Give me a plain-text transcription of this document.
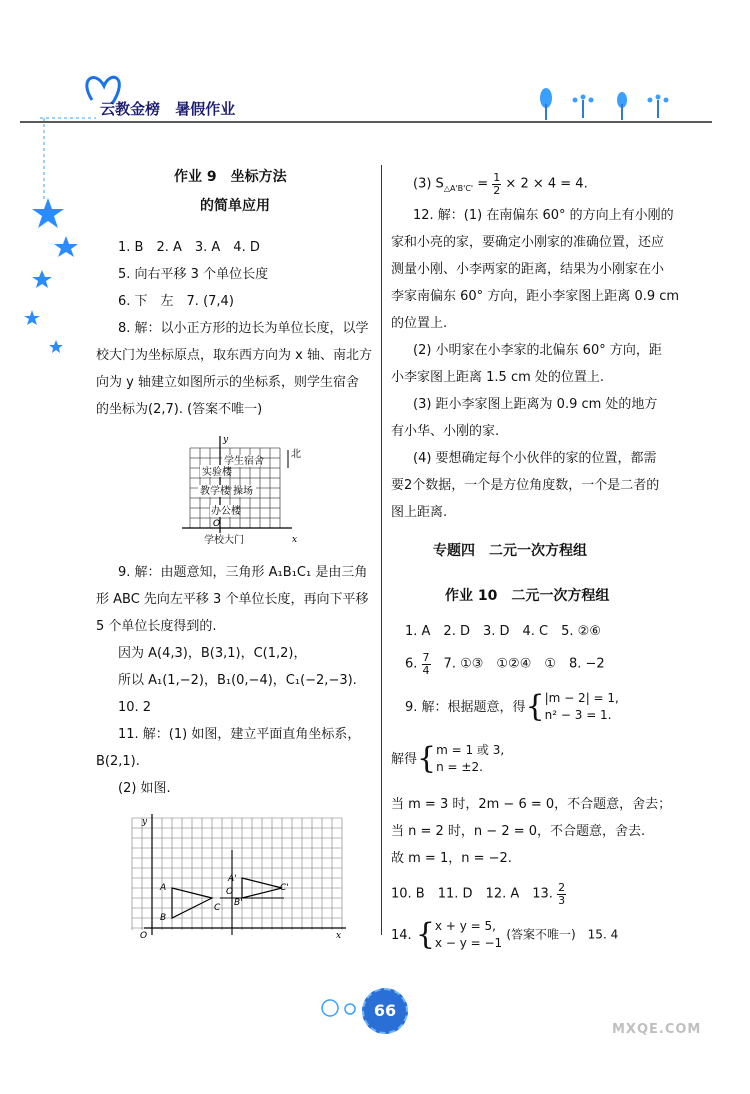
云教金榜 暑假作业
作业 9　坐标方法
的简单应用
1. B　2. A　3. A　4. D
5. 向右平移 3 个单位长度
6. 下　左　7. (7,4)
8. 解：以小正方形的边长为单位长度，以学
校大门为坐标原点，取东西方向为 x 轴、南北方
向为 y 轴建立如图所示的坐标系，则学生宿舍
的坐标为(2,7). (答案不唯一)
y
北
学生宿舍
实验楼
教学楼 操场
办公楼
O
x
学校大门
9. 解：由题意知，三角形 A₁B₁C₁ 是由三角
形 ABC 先向左平移 3 个单位长度，再向下平移
5 个单位长度得到的.
因为 A(4,3)，B(3,1)，C(1,2)，
所以 A₁(1,−2)，B₁(0,−4)，C₁(−2,−3).
10. 2
11. 解：(1) 如图，建立平面直角坐标系，
B(2,1).
(2) 如图.
y
x
O
A
B
C
A'
B'
C'
O
(3) $S_{\triangle A'B'C'} = \frac{1}{2} \times 2 \times 4 = 4$.
12. 解：(1) 在南偏东 60° 的方向上有小刚的
家和小亮的家，要确定小刚家的准确位置，还应
测量小刚、小李两家的距离，结果为小刚家在小
李家南偏东 60° 方向，距小李家图上距离 0.9 cm
的位置上.
(2) 小明家在小李家的北偏东 60° 方向，距
小李家图上距离 1.5 cm 处的位置上.
(3) 距小李家图上距离为 0.9 cm 处的地方
有小华、小刚的家.
(4) 要想确定每个小伙伴的家的位置，都需
要2个数据，一个是方位角度数，一个是二者的
图上距离.
专题四　二元一次方程组
作业 10　二元一次方程组
1. A　2. D　3. D　4. C　5. ②⑥
6. $\frac{7}{4}$ 　7. ①③　①②④　①　8. −2
9. 解：根据题意，得{ |m − 2| = 1,
n² − 3 = 1.
解得{ m = 1 或 3,
n = ±2.
当 m = 3 时，2m − 6 = 0，不合题意，舍去；
当 n = 2 时，n − 2 = 0，不合题意，舍去.
故 m = 1，n = −2.
10. B　11. D　12. A　13. $\frac{2}{3}$
14. { x + y = 5,
x − y = −1
(答案不唯一)　15. 4
66
MXQE.COM
